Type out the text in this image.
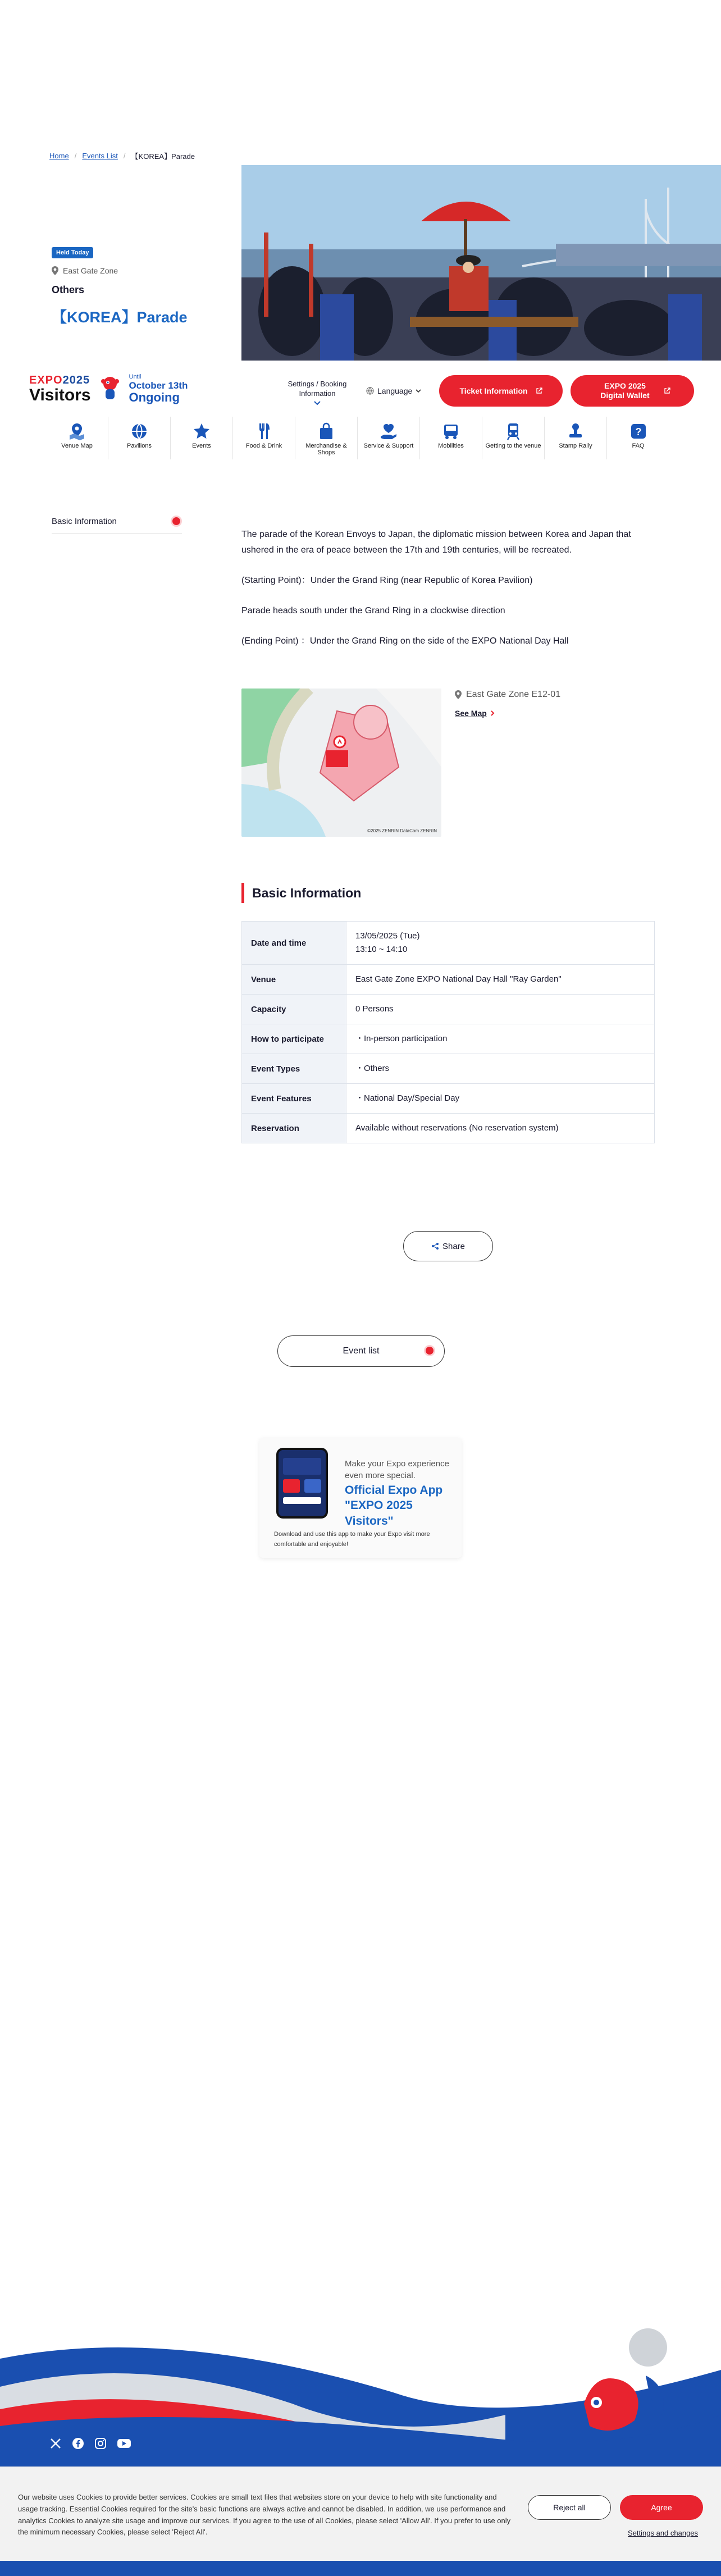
Home / Events List / 【KOREA】Parade
Held Today
East Gate Zone
Others
【KOREA】Parade
EXPO2025
Visitors
Until
October 13th
Ongoing
Settings / Booking Information	Language	Ticket Information
EXPO 2025 Digital Wallet
Venue Map	Pavilions	Events	Food & Drink	Merchandise & Shops
Service & Support	Mobilities	Getting to the venue	Stamp Rally
?
FAQ
Basic Information

The parade of the Korean Envoys to Japan, the diplomatic mission between Korea and Japan that ushered in the era of peace between the 17th and 19th centuries, will be recreated.

(Starting Point)：Under the Grand Ring (near Republic of Korea Pavilion)

Parade heads south under the Grand Ring in a clockwise direction

(Ending Point) ：Under the Grand Ring on the side of the EXPO National Day Hall

©2025 ZENRIN DataCom ZENRIN
East Gate Zone E12-01
See Map
Basic Information
Date and time	13/05/2025 (Tue)
13:10 ~ 14:10

Venue	East Gate Zone EXPO National Day Hall "Ray Garden"
Capacity	0 Persons
How to participate	・In-person participation
Event Types	・Others
Event Features	・National Day/Special Day
Reservation	Available without reservations (No reservation system)
Share
Event list
Make your Expo experience even more special.
Official Expo App "EXPO 2025 Visitors"
Download and use this app to make your Expo visit more comfortable and enjoyable!

Our website uses Cookies to provide better services. Cookies are small text files that websites store on your device to help with site functionality and usage tracking. Essential Cookies required for the site's basic functions are always active and cannot be disabled. In addition, we use performance and analytics Cookies to analyze site usage and improve our services. If you agree to the use of all Cookies, please select 'Allow All'. If you prefer to use only the minimum necessary Cookies, please select 'Reject All'.

Reject all	Agree
Settings and changes
